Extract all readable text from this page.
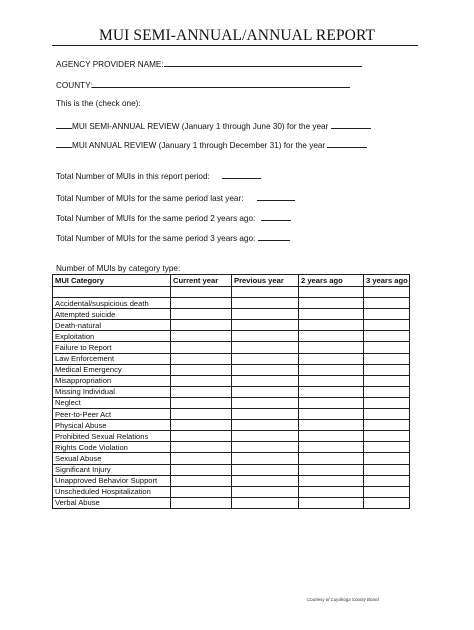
MUI SEMI-ANNUAL/ANNUAL REPORT
AGENCY PROVIDER NAME:
COUNTY:
This is the (check one):
MUI SEMI-ANNUAL REVIEW (January 1 through June 30) for the year
MUI ANNUAL REVIEW (January 1 through December 31) for the year
Total Number of MUIs in this report period:
Total Number of MUIs for the same period last year:
Total Number of MUIs for the same period 2 years ago:
Total Number of MUIs for the same period 3 years ago:
Number of MUIs by category type:
MUI Category	Current year	Previous year	2 years ago	3 years ago

Accidental/suspicious death				
Attempted suicide				
Death-natural				
Exploitation				
Failure to Report				
Law Enforcement				
Medical Emergency				
Misappropriation				
Missing Individual				
Neglect				
Peer-to-Peer Act				
Physical Abuse				
Prohibited Sexual Relations				
Rights Code Violation				
Sexual Abuse				
Significant Injury				
Unapproved Behavior Support				
Unscheduled Hospitalization				
Verbal Abuse				
Courtesy of Cuyahoga County Board
